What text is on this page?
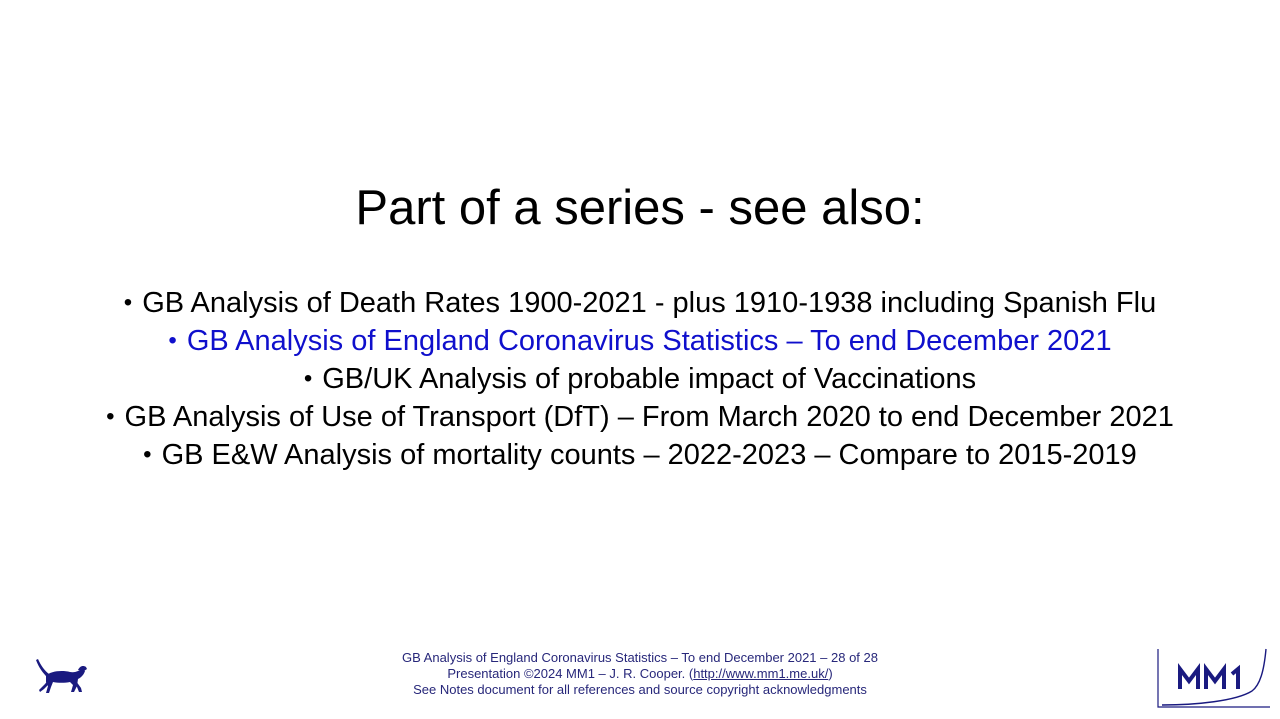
Part of a series - see also:
• GB Analysis of Death Rates 1900-2021 - plus 1910-1938 including Spanish Flu
• GB Analysis of England Coronavirus Statistics – To end December 2021
• GB/UK Analysis of probable impact of Vaccinations
• GB Analysis of Use of Transport (DfT) – From March 2020 to end December 2021
• GB E&W Analysis of mortality counts – 2022-2023 – Compare to 2015-2019
GB Analysis of England Coronavirus Statistics – To end December 2021 – 28 of 28
Presentation ©2024 MM1 – J. R. Cooper. (http://www.mm1.me.uk/)
See Notes document for all references and source copyright acknowledgments
